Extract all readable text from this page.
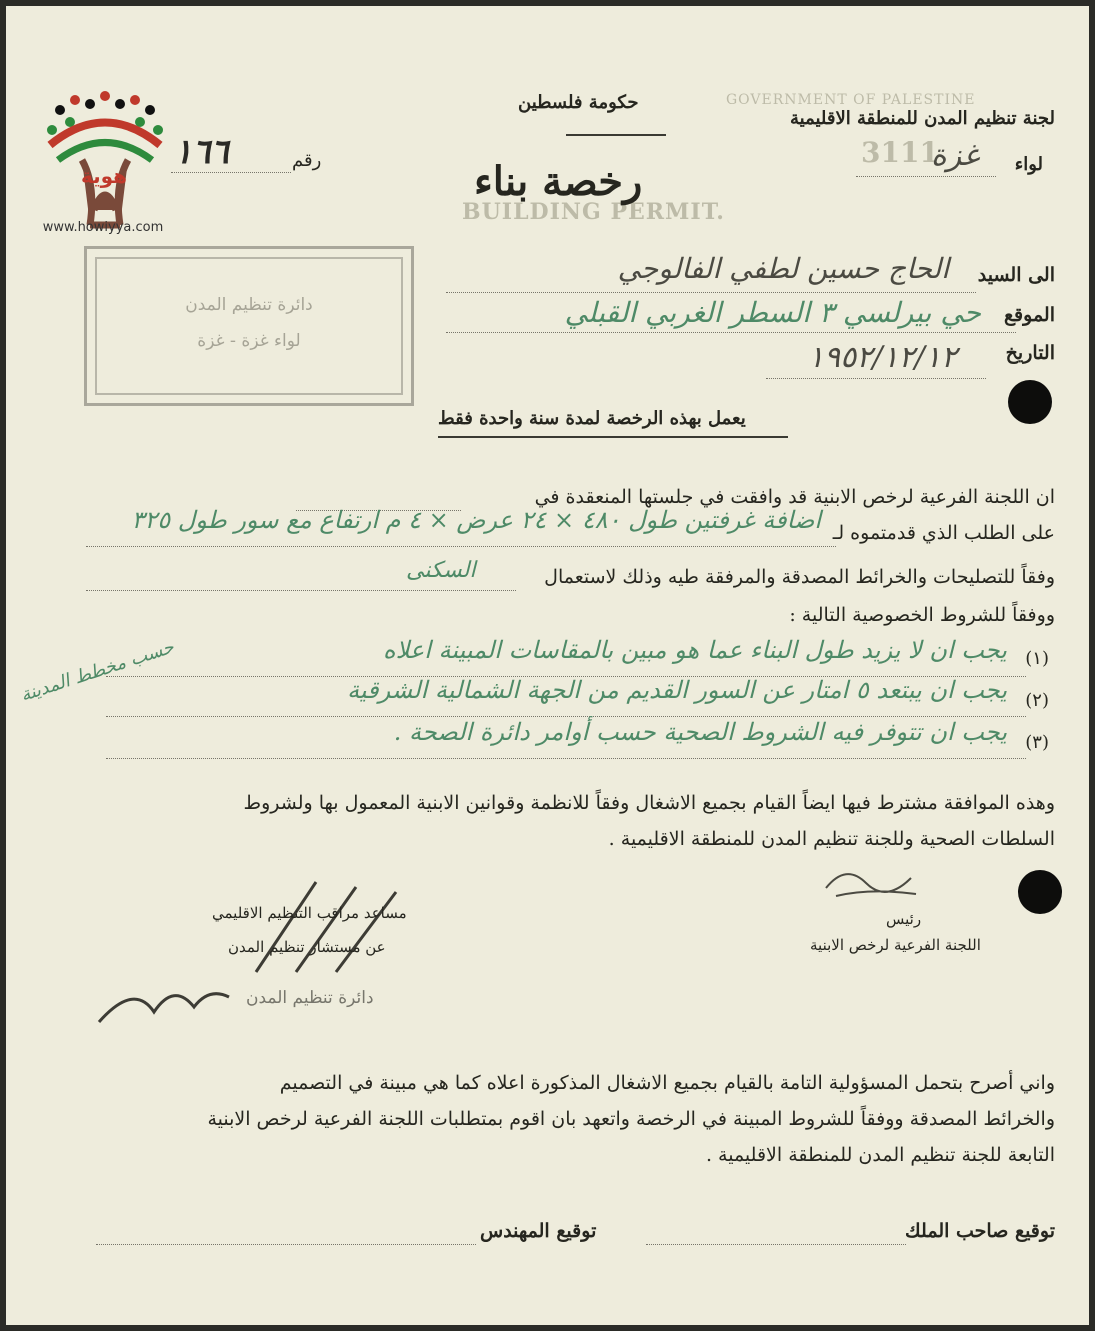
هوية
www.howiyya.com
GOVERNMENT OF PALESTINE
BUILDING PERMIT.
3111
لجنة تنظيم المدن للمنطقة الاقليمية
حكومة فلسطين
رخصة بناء
رقم
١٦٦	لواء
غزة
دائرة تنظيم المدن
لواء غزة - غزة
الى السيد
الحاج حسين لطفي الفالوجي
الموقع
حي بيرلسي ٣ السطر الغربي القبلي
التاريخ
١٩٥٢/١٢/١٢
يعمل بهذه الرخصة لمدة سنة واحدة فقط
ان اللجنة الفرعية لرخص الابنية قد وافقت في جلستها المنعقدة في
على الطلب الذي قدمتموه لـ
اضافة غرفتين طول ٤٨٠ × ٢٤ عرض × ٤ م ارتفاع مع سور طول ٣٢٥
وفقاً للتصليحات والخرائط المصدقة والمرفقة طيه وذلك لاستعمال
السكنى
ووفقاً للشروط الخصوصية التالية :
(١)
يجب ان لا يزيد طول البناء عما هو مبين بالمقاسات المبينة اعلاه
(٢)
يجب ان يبتعد ٥ امتار عن السور القديم من الجهة الشمالية الشرقية
(٣)
يجب ان تتوفر فيه الشروط الصحية حسب أوامر دائرة الصحة .
حسب مخطط المدينة
وهذه الموافقة مشترط فيها ايضاً القيام بجميع الاشغال وفقاً للانظمة وقوانين الابنية المعمول بها ولشروط
السلطات الصحية وللجنة تنظيم المدن للمنطقة الاقليمية .
رئيس
اللجنة الفرعية لرخص الابنية
مساعد مراقب التنظيم الاقليمي
عن مستشار تنظيم المدن
دائرة تنظيم المدن
واني أصرح بتحمل المسؤولية التامة بالقيام بجميع الاشغال المذكورة اعلاه كما هي مبينة في التصميم
والخرائط المصدقة ووفقاً للشروط المبينة في الرخصة واتعهد بان اقوم بمتطلبات اللجنة الفرعية لرخص الابنية
التابعة للجنة تنظيم المدن للمنطقة الاقليمية .
توقيع صاحب الملك
توقيع المهندس
